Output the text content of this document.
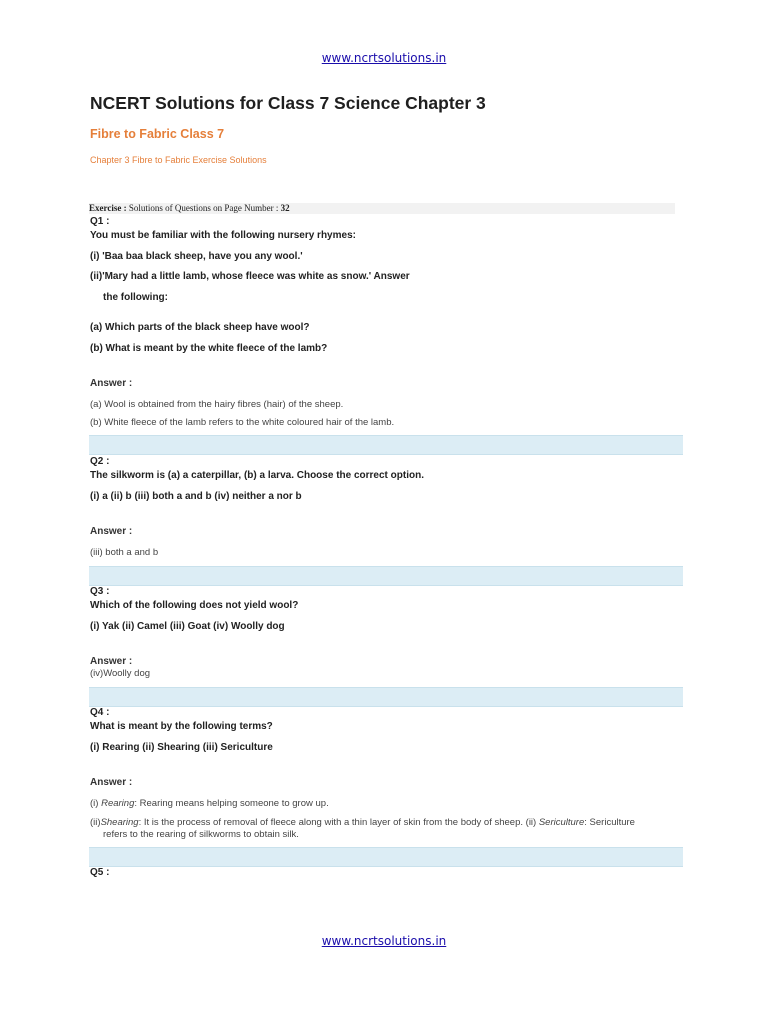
www.ncrtsolutions.in
NCERT Solutions for Class 7 Science Chapter 3
Fibre to Fabric Class 7
Chapter 3 Fibre to Fabric Exercise Solutions
Exercise : Solutions of Questions on Page Number : 32
Q1 :
You must be familiar with the following nursery rhymes:
(i) 'Baa baa black sheep, have you any wool.'
(ii)'Mary had a little lamb, whose fleece was white as snow.' Answer
the following:
(a) Which parts of the black sheep have wool?
(b) What is meant by the white fleece of the lamb?
Answer :
(a) Wool is obtained from the hairy fibres (hair) of the sheep.
(b) White fleece of the lamb refers to the white coloured hair of the lamb.
Q2 :
The silkworm is (a) a caterpillar, (b) a larva. Choose the correct option.
(i) a (ii) b (iii) both a and b (iv) neither a nor b
Answer :
(iii) both a and b
Q3 :
Which of the following does not yield wool?
(i) Yak (ii) Camel (iii) Goat (iv) Woolly dog
Answer :
(iv)Woolly dog
Q4 :
What is meant by the following terms?
(i) Rearing (ii) Shearing (iii) Sericulture
Answer :
(i) Rearing: Rearing means helping someone to grow up.
(ii)Shearing: It is the process of removal of fleece along with a thin layer of skin from the body of sheep. (ii) Sericulture: Sericulture
refers to the rearing of silkworms to obtain silk.
Q5 :
www.ncrtsolutions.in
